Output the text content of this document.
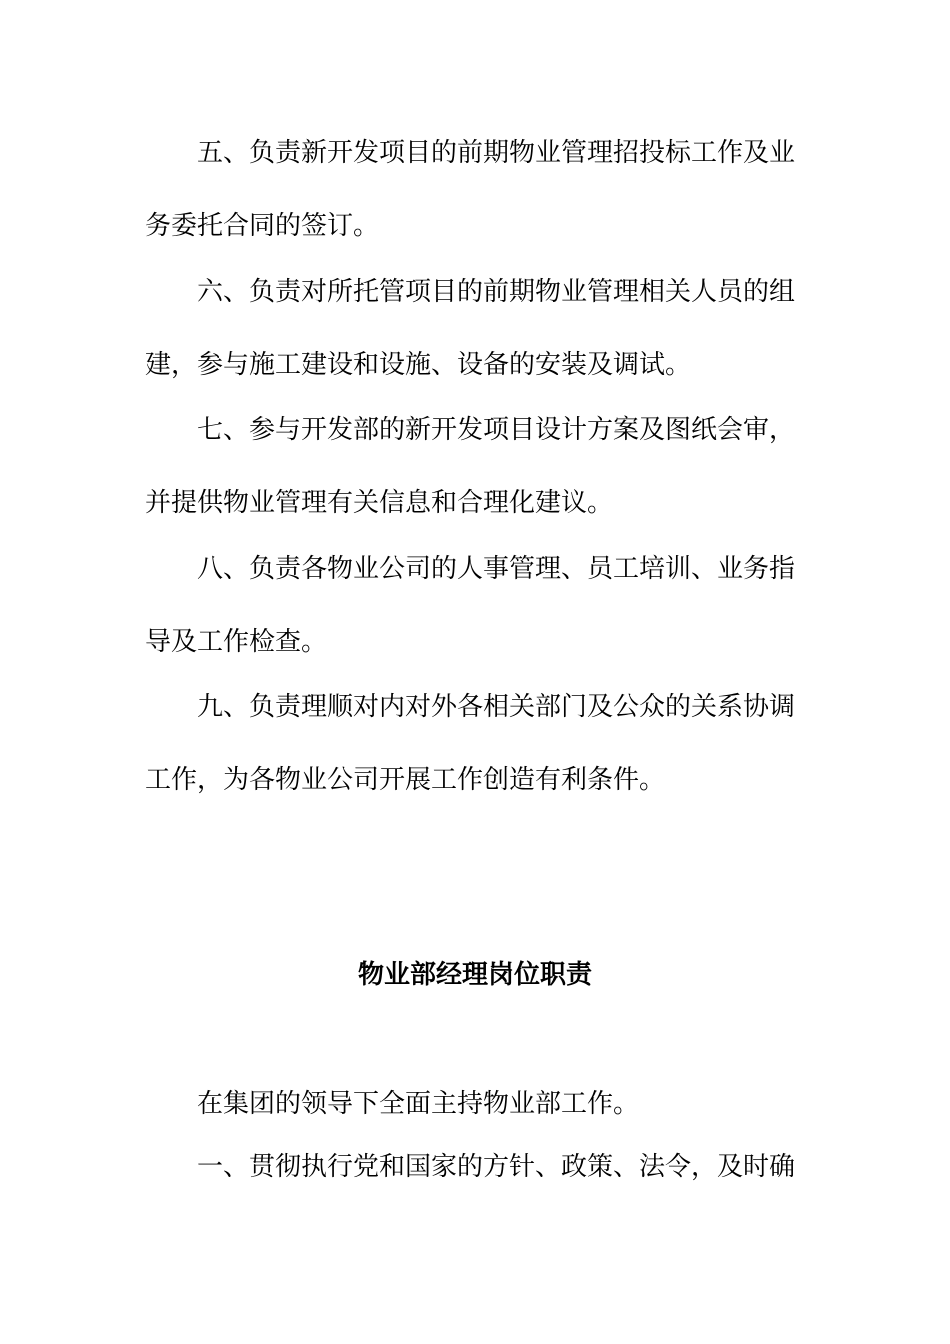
五、负责新开发项目的前期物业管理招投标工作及业
务委托合同的签订。
六、负责对所托管项目的前期物业管理相关人员的组
建，参与施工建设和设施、设备的安装及调试。
七、参与开发部的新开发项目设计方案及图纸会审，
并提供物业管理有关信息和合理化建议。
八、负责各物业公司的人事管理、员工培训、业务指
导及工作检查。
九、负责理顺对内对外各相关部门及公众的关系协调
工作，为各物业公司开展工作创造有利条件。
物业部经理岗位职责
在集团的领导下全面主持物业部工作。
一、贯彻执行党和国家的方针、政策、法令，及时确
